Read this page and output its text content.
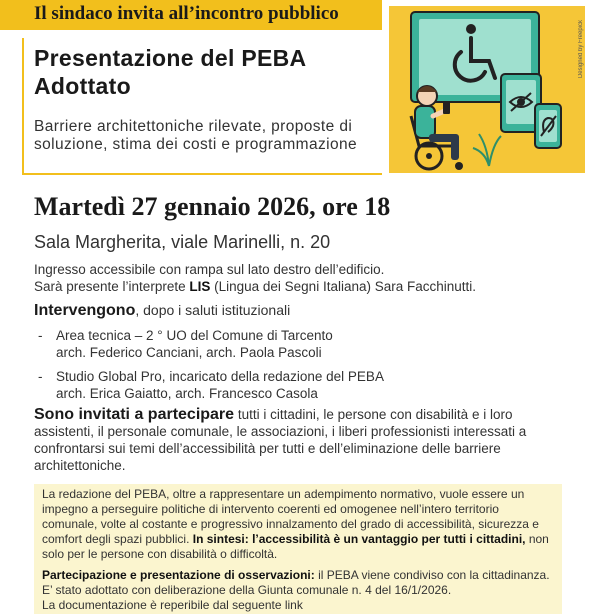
Il sindaco invita all’incontro pubblico
Presentazione del PEBA Adottato
Barriere architettoniche rilevate, proposte di soluzione, stima dei costi e programmazione
Designed by Freepick
Martedì 27 gennaio 2026, ore 18
Sala Margherita, viale Marinelli, n. 20
Ingresso accessibile con rampa sul lato destro dell’edificio.
Sarà presente l’interprete LIS (Lingua dei Segni Italiana) Sara Facchinutti.
Intervengono, dopo i saluti istituzionali
- Area tecnica – 2 ° UO del Comune di Tarcento
arch. Federico Canciani, arch. Paola Pascoli
- Studio Global Pro, incaricato della redazione del PEBA
arch. Erica Gaiatto, arch. Francesco Casola
Sono invitati a partecipare tutti i cittadini, le persone con disabilità e i loro assistenti, il personale comunale, le associazioni, i liberi professionisti interessati a confrontarsi sui temi dell’accessibilità per tutti e dell’eliminazione delle barriere architettoniche.

La redazione del PEBA, oltre a rappresentare un adempimento normativo, vuole essere un impegno a perseguire politiche di intervento coerenti ed omogenee nell’intero territorio comunale, volte al costante e progressivo innalzamento del grado di accessibilità, sicurezza e comfort degli spazi pubblici. In sintesi: l’accessibilità è un vantaggio per tutti i cittadini, non solo per le persone con disabilità o difficoltà.

Partecipazione e presentazione di osservazioni: il PEBA viene condiviso con la cittadinanza.
E’ stato adottato con deliberazione della Giunta comunale n. 4 del 16/1/2026.
La documentazione è reperibile dal seguente link
